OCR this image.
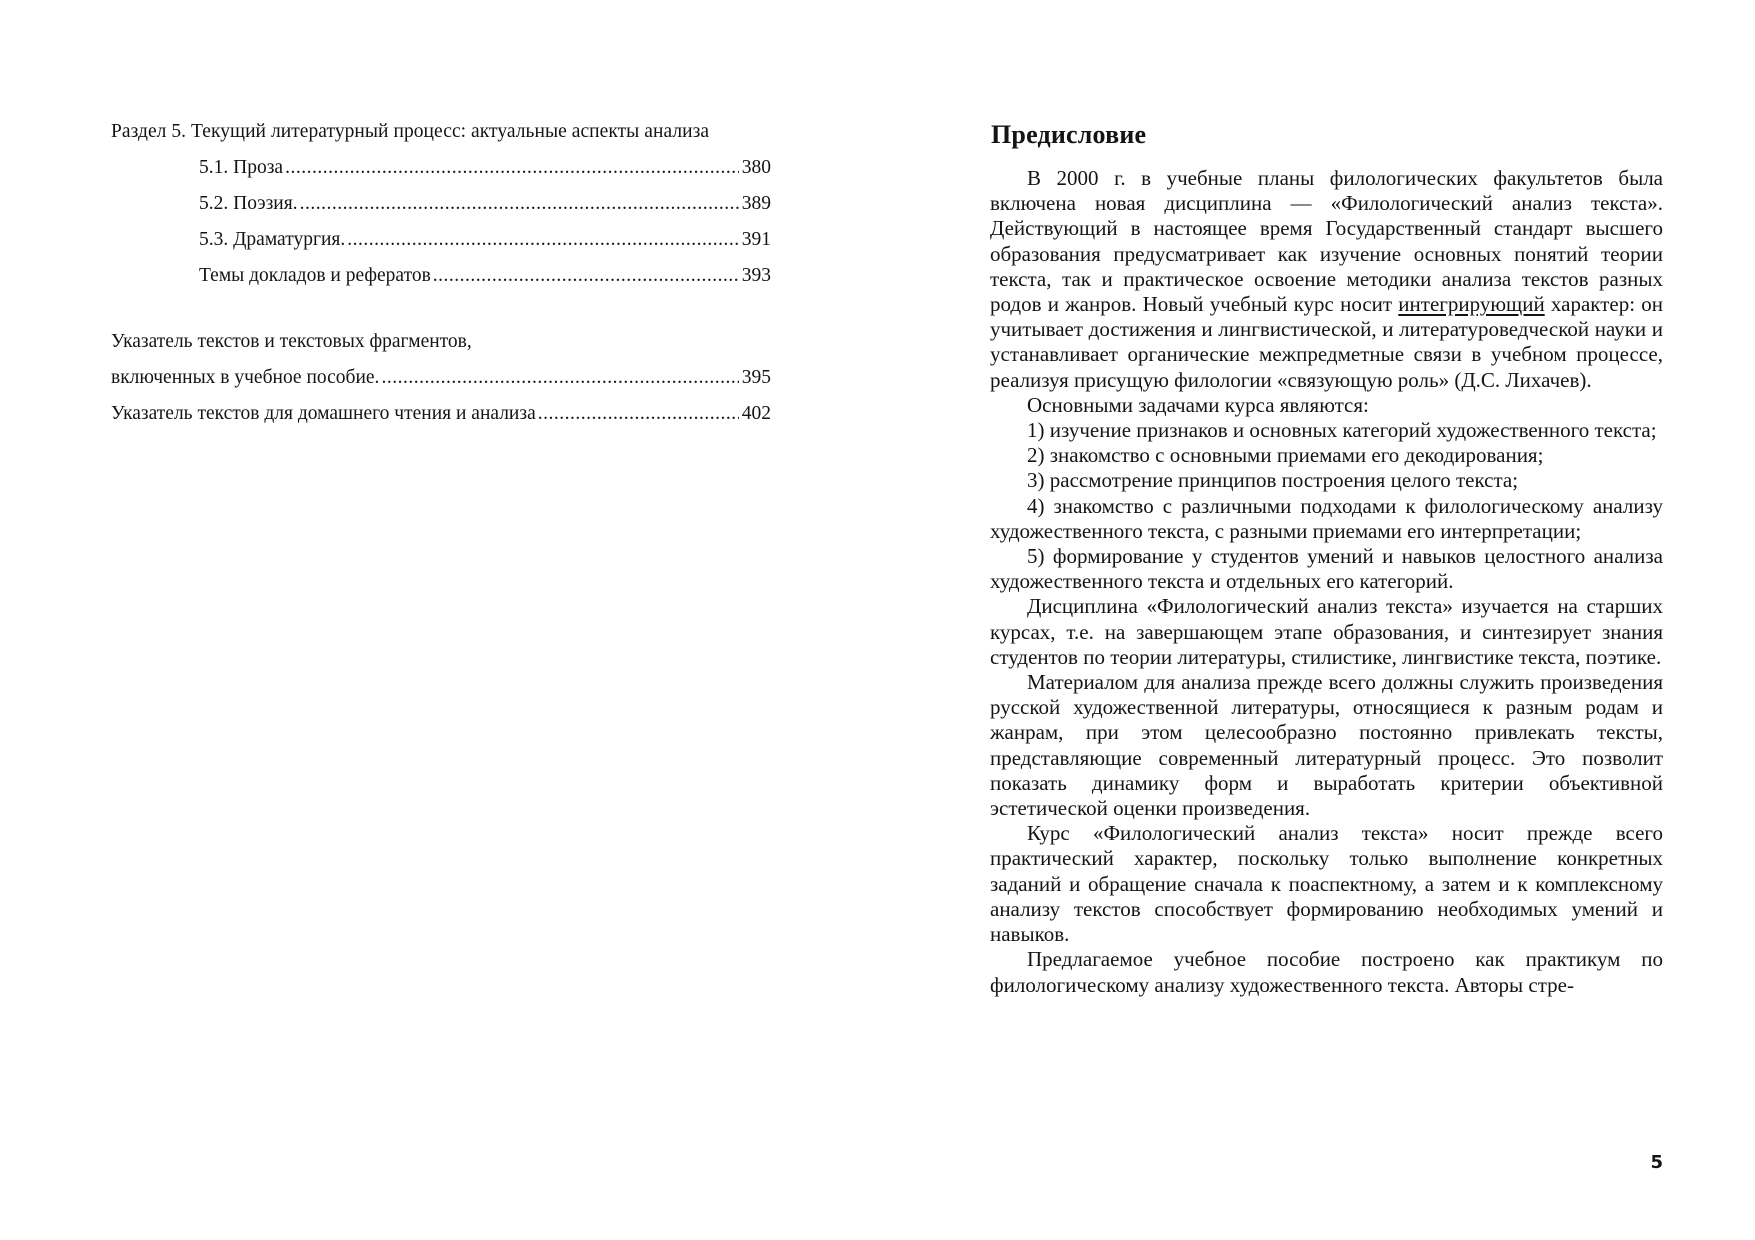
Раздел 5. Текущий литературный процесс: актуальные аспекты анализа
5.1. Проза .....	380
5.2. Поэзия. .....	389
5.3. Драматургия. .....	391
Темы докладов и рефератов .....	393
Указатель текстов и текстовых фрагментов,
включенных в учебное пособие. .....	395
Указатель текстов для домашнего чтения и анализа .....	402
Предисловие

В 2000 г. в учебные планы филологических факультетов была включена новая дисциплина — «Филологический анализ текста». Действующий в настоящее время Государственный стандарт высшего образования предусматривает как изучение основных понятий теории текста, так и практическое освоение методики анализа текстов разных родов и жанров. Новый учебный курс носит интегрирующий характер: он учитывает достижения и лингвистической, и литературоведческой науки и устанавливает органические межпредметные связи в учебном процессе, реализуя присущую филологии «связующую роль» (Д.С. Лихачев).

Основными задачами курса являются:

1) изучение признаков и основных категорий художественного текста;

2) знакомство с основными приемами его декодирования;

3) рассмотрение принципов построения целого текста;

4) знакомство с различными подходами к филологическому анализу художественного текста, с разными приемами его интерпретации;

5) формирование у студентов умений и навыков целостного анализа художественного текста и отдельных его категорий.

Дисциплина «Филологический анализ текста» изучается на старших курсах, т.е. на завершающем этапе образования, и синтезирует знания студентов по теории литературы, стилистике, лингвистике текста, поэтике.

Материалом для анализа прежде всего должны служить произведения русской художественной литературы, относящиеся к разным родам и жанрам, при этом целесообразно постоянно привлекать тексты, представляющие современный литературный процесс. Это позволит показать динамику форм и выработать критерии объективной эстетической оценки произведения.

Курс «Филологический анализ текста» носит прежде всего практический характер, поскольку только выполнение конкретных заданий и обращение сначала к поаспектному, а затем и к комплексному анализу текстов способствует формированию необходимых умений и навыков.

Предлагаемое учебное пособие построено как практикум по филологическому анализу художественного текста. Авторы стре-

5
